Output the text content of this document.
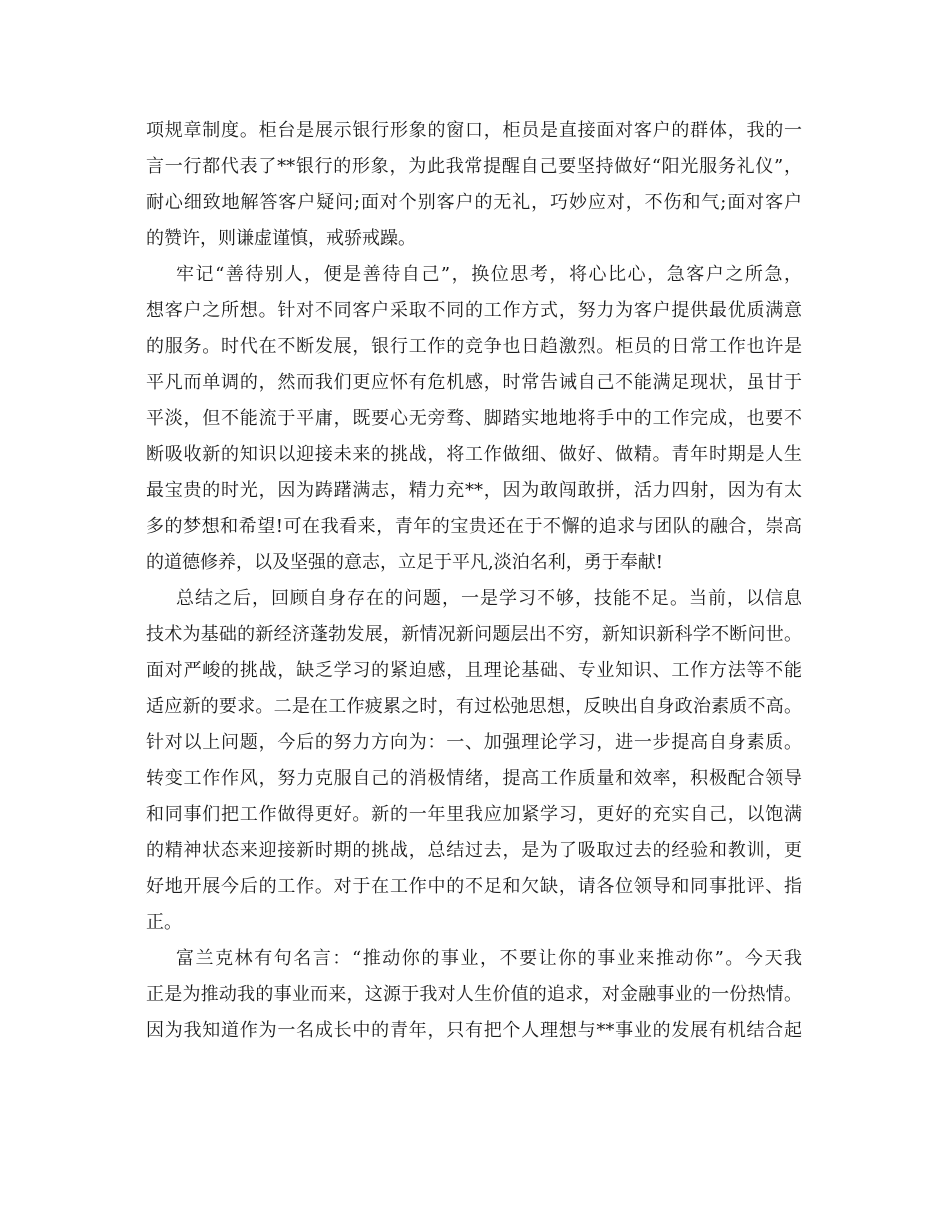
项规章制度。柜台是展示银行形象的窗口，柜员是直接面对客户的群体，我的一
言一行都代表了**银行的形象，为此我常提醒自己要坚持做好“阳光服务礼仪”，
耐心细致地解答客户疑问;面对个别客户的无礼，巧妙应对，不伤和气;面对客户
的赞许，则谦虚谨慎，戒骄戒躁。
牢记“善待别人，便是善待自己”，换位思考，将心比心，急客户之所急，
想客户之所想。针对不同客户采取不同的工作方式，努力为客户提供最优质满意
的服务。时代在不断发展，银行工作的竞争也日趋激烈。柜员的日常工作也许是
平凡而单调的，然而我们更应怀有危机感，时常告诫自己不能满足现状，虽甘于
平淡，但不能流于平庸，既要心无旁骛、脚踏实地地将手中的工作完成，也要不
断吸收新的知识以迎接未来的挑战，将工作做细、做好、做精。青年时期是人生
最宝贵的时光，因为踌躇满志，精力充**，因为敢闯敢拼，活力四射，因为有太
多的梦想和希望!可在我看来，青年的宝贵还在于不懈的追求与团队的融合，崇高
的道德修养，以及坚强的意志，立足于平凡,淡泊名利，勇于奉献!
总结之后，回顾自身存在的问题，一是学习不够，技能不足。当前，以信息
技术为基础的新经济蓬勃发展，新情况新问题层出不穷，新知识新科学不断问世。
面对严峻的挑战，缺乏学习的紧迫感，且理论基础、专业知识、工作方法等不能
适应新的要求。二是在工作疲累之时，有过松弛思想，反映出自身政治素质不高。
针对以上问题，今后的努力方向为：一、加强理论学习，进一步提高自身素质。
转变工作作风，努力克服自己的消极情绪，提高工作质量和效率，积极配合领导
和同事们把工作做得更好。新的一年里我应加紧学习，更好的充实自己，以饱满
的精神状态来迎接新时期的挑战，总结过去，是为了吸取过去的经验和教训，更
好地开展今后的工作。对于在工作中的不足和欠缺，请各位领导和同事批评、指
正。
富兰克林有句名言：“推动你的事业，不要让你的事业来推动你”。今天我
正是为推动我的事业而来，这源于我对人生价值的追求，对金融事业的一份热情。
因为我知道作为一名成长中的青年，只有把个人理想与**事业的发展有机结合起
